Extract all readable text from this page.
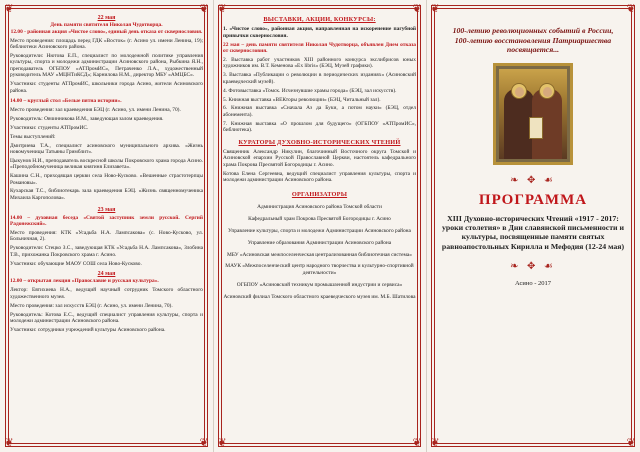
❦	❦
❦	❦
22 мая
День памяти святителя Николая Чудотворца.
12.00 - районная акция «Чистое слово», единый день отказа от сквернословия.
Место проведения: площадь перед ГДК «Восток» (г. Асино ул. имени Ленина, 19); библиотеки Асиновского района.
Руководители: Нютова Е.П., специалист по молодежной политике управления культуры, спорта и молодежи администрации Асиновского района, Рыбкина Я.Н., преподаватель ОГБПОУ «АТПромИС», Петраченко Л.А., художественный руководитель МАУ «МЦНТиКСД»; Карнилова Н.М., директор МБУ «АМЦБС».
Участники: студенты АТПромИС, школьники города Асино, жители Асиновского района.
14.00 – круглый стол «Белые пятна истории».
Место проведения: зал краеведения БЭЦ (г. Асино, ул. имени Ленина, 70).
Руководитель: Овчинникова И.М., заведующая залом краеведения.
Участники: студенты АТПромИС.
Темы выступлений:
Дмитриева Т.А., специалист асиновского муниципального архива. «Жизнь новомученицы Татьяны Гримблит».
Цыкунов Н.И., преподаватель воскресной школы Покровского храма города Асино. «Преподобномученица великая княгиня Елизавета».
Кашина С.Н., приходящая церкви села Ново-Кусково. «Вешенные страстотерпцы Романовы».
Кухарская Т.С., библиотекарь зала краеведения БЭЦ. «Жизнь священномученика Михаила Каргополова».
23 мая
14.00 – духовная беседа «Святой заступник земли русской. Сергий Радонежский».
Место проведения: КТК «Усадьба Н.А. Лампсакова» (с. Ново-Кусково, ул. Больничная, 2).
Руководители: Стецко З.С., заведующая КТК «Усадьба Н.А. Лампсакова», Злобина Т.В., прихожанка Покровского храма г. Асино.
Участники: обучающие МАОУ СОШ села Ново-Кусково.
24 мая
12.00 – открытая лекция «Православие и русская культура».
Лектор: Евтихиева Н.А., ведущий научный сотрудник Томского областного художественного музея.
Место проведения: зал искусств БЭЦ (г. Асино, ул. имени Ленина, 70).
Руководитель: Котова Е.С., ведущий специалист управления культуры, спорта и молодежи администрации Асиновского района.
Участники: сотрудники учреждений культуры Асиновского района.
❦	❦
❦	❦
ВЫСТАВКИ, АКЦИИ, КОНКУРСЫ:
1. «Чистое слово», районная акция, направленная на искоренение пагубной привычки сквернословия.
22 мая – день памяти святителя Николая Чудотворца, объявлен Днем отказа от сквернословия.
2. Выставка работ участников XIII районного конкурса экслибрисов юных художников им. В.Т. Кеменова «Ex libris» (БЭЦ, Музей графики).
3. Выставка «Публикации о революции в периодических изданиях» (Асиновский краеведческий музей).
4. Фотовыставка «Томск. Исчезнувшие храмы города» (БЭЦ, зал искусств).
5. Книжная выставка «ВЕКторы революции» (БЭЦ, Читальный зал).
6. Книжная выставка «Сначала Аз да Буки, а потом науки» (БЭЦ, отдел абонемента).
7. Книжная выставка «О прошлом для будущего» (ОГБПОУ «АТПромИС», библиотека).
КУРАТОРЫ ДУХОВНО-ИСТОРИЧЕСКИХ ЧТЕНИЙ
Священник Александр Никулин, благочинный Восточного округа Томской и Асиновской епархии Русской Православной Церкви, настоятель кафедрального храма Покрова Пресвятой Богородицы г. Асино.
Котова Елена Сергеевна, ведущий специалист управления культуры, спорта и молодежи администрации Асиновского района.
ОРГАНИЗАТОРЫ
Администрация Асиновского района Томской области
Кафедральный храм Покрова Пресвятой Богородицы г. Асино
Управление культуры, спорта и молодежи Администрации Асиновского района
Управление образования Администрации Асиновского района
МБУ «Асиновская межпоселенческая централизованная библиотечная система»
МАУК «Межпоселенческий центр народного творчества и культурно-спортивной деятельности»
ОГБПОУ «Асиновский техникум промышленной индустрии и сервиса»
Асиновский филиал Томского областного краеведческого музея им. М.Б. Шатилова
❦	❦
❦	❦
100-летию революционных событий в России,
100-летию восстановления Патриаршества
посвящается...
❧ ✥ ☙
ПРОГРАММА
XIII Духовно-исторических Чтений «1917 - 2017: уроки столетия» в Дни славянской письменности и культуры, посвященные памяти святых равноапостольных Кирилла и Мефодия (12-24 мая)
❧ ✥ ☙
Асино - 2017
